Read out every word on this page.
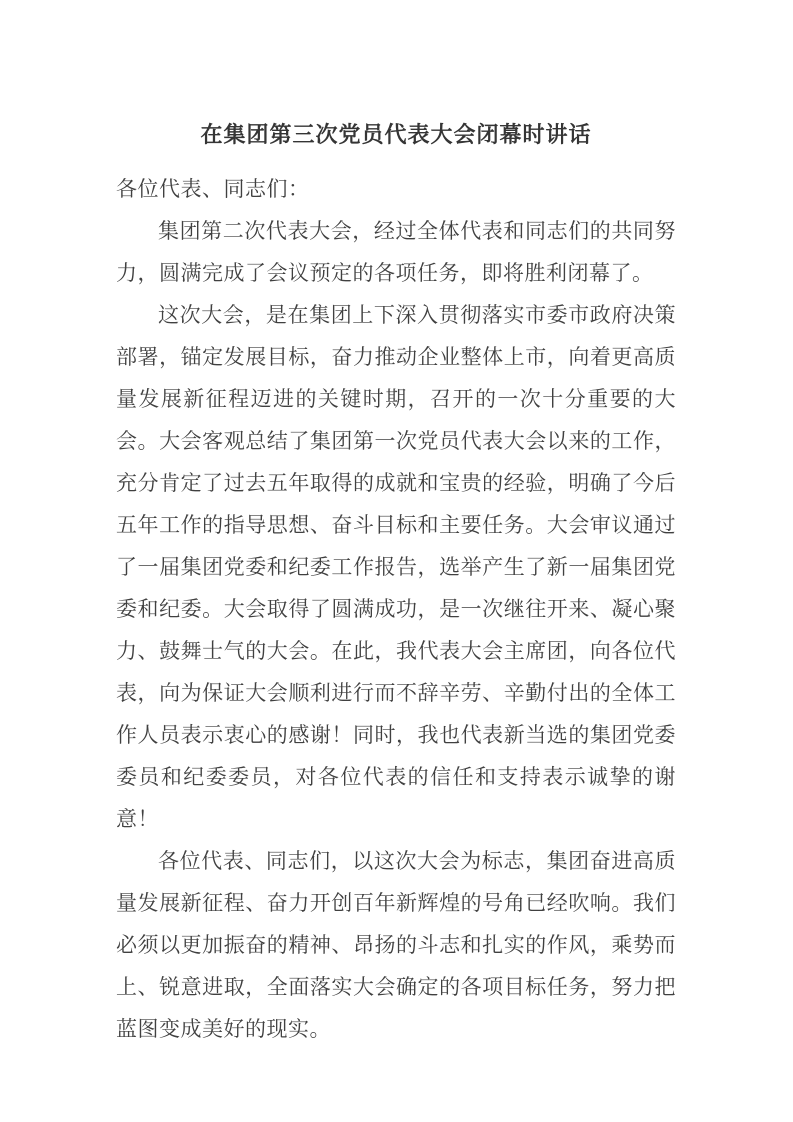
在集团第三次党员代表大会闭幕时讲话

各位代表、同志们：

集团第二次代表大会，经过全体代表和同志们的共同努力，圆满完成了会议预定的各项任务，即将胜利闭幕了。

这次大会，是在集团上下深入贯彻落实市委市政府决策部署，锚定发展目标，奋力推动企业整体上市，向着更高质量发展新征程迈进的关键时期，召开的一次十分重要的大会。大会客观总结了集团第一次党员代表大会以来的工作，充分肯定了过去五年取得的成就和宝贵的经验，明确了今后五年工作的指导思想、奋斗目标和主要任务。大会审议通过了一届集团党委和纪委工作报告，选举产生了新一届集团党委和纪委。大会取得了圆满成功，是一次继往开来、凝心聚力、鼓舞士气的大会。在此，我代表大会主席团，向各位代表，向为保证大会顺利进行而不辞辛劳、辛勤付出的全体工作人员表示衷心的感谢！同时，我也代表新当选的集团党委委员和纪委委员，对各位代表的信任和支持表示诚挚的谢意！

各位代表、同志们，以这次大会为标志，集团奋进高质量发展新征程、奋力开创百年新辉煌的号角已经吹响。我们必须以更加振奋的精神、昂扬的斗志和扎实的作风，乘势而上、锐意进取，全面落实大会确定的各项目标任务，努力把蓝图变成美好的现实。
